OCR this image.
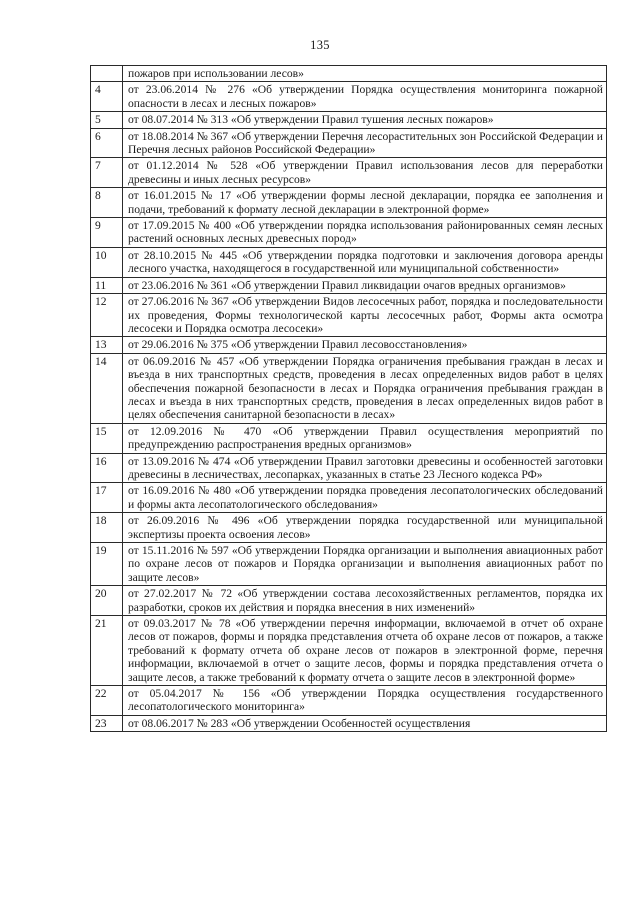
135
	пожаров при использовании лесов»
4	от 23.06.2014 № 276 «Об утверждении Порядка осуществления мониторинга пожарной опасности в лесах и лесных пожаров»
5	от 08.07.2014 № 313 «Об утверждении Правил тушения лесных пожаров»
6	от 18.08.2014 № 367 «Об утверждении Перечня лесорастительных зон Российской Федерации и Перечня лесных районов Российской Федерации»
7	от 01.12.2014 № 528 «Об утверждении Правил использования лесов для переработки древесины и иных лесных ресурсов»
8	от 16.01.2015 № 17 «Об утверждении формы лесной декларации, порядка ее заполнения и подачи, требований к формату лесной декларации в электронной форме»
9	от 17.09.2015 № 400 «Об утверждении порядка использования районированных семян лесных растений основных лесных древесных пород»
10	от 28.10.2015 № 445 «Об утверждении порядка подготовки и заключения договора аренды лесного участка, находящегося в государственной или муниципальной собственности»
11	от 23.06.2016 № 361 «Об утверждении Правил ликвидации очагов вредных организмов»
12	от 27.06.2016 № 367 «Об утверждении Видов лесосечных работ, порядка и последовательности их проведения, Формы технологической карты лесосечных работ, Формы акта осмотра лесосеки и Порядка осмотра лесосеки»
13	от 29.06.2016 № 375 «Об утверждении Правил лесовосстановления»
14	от 06.09.2016 № 457 «Об утверждении Порядка ограничения пребывания граждан в лесах и въезда в них транспортных средств, проведения в лесах определенных видов работ в целях обеспечения пожарной безопасности в лесах и Порядка ограничения пребывания граждан в лесах и въезда в них транспортных средств, проведения в лесах определенных видов работ в целях обеспечения санитарной безопасности в лесах»
15	от 12.09.2016 № 470 «Об утверждении Правил осуществления мероприятий по предупреждению распространения вредных организмов»
16	от 13.09.2016 № 474 «Об утверждении Правил заготовки древесины и особенностей заготовки древесины в лесничествах, лесопарках, указанных в статье 23 Лесного кодекса РФ»
17	от 16.09.2016 № 480 «Об утверждении порядка проведения лесопатологических обследований и формы акта лесопатологического обследования»
18	от 26.09.2016 № 496 «Об утверждении порядка государственной или муниципальной экспертизы проекта освоения лесов»
19	от 15.11.2016 № 597 «Об утверждении Порядка организации и выполнения авиационных работ по охране лесов от пожаров и Порядка организации и выполнения авиационных работ по защите лесов»
20	от 27.02.2017 № 72 «Об утверждении состава лесохозяйственных регламентов, порядка их разработки, сроков их действия и порядка внесения в них изменений»
21	от 09.03.2017 № 78 «Об утверждении перечня информации, включаемой в отчет об охране лесов от пожаров, формы и порядка представления отчета об охране лесов от пожаров, а также требований к формату отчета об охране лесов от пожаров в электронной форме, перечня информации, включаемой в отчет о защите лесов, формы и порядка представления отчета о защите лесов, а также требований к формату отчета о защите лесов в электронной форме»
22	от 05.04.2017 № 156 «Об утверждении Порядка осуществления государственного лесопатологического мониторинга»
23	от 08.06.2017 № 283 «Об утверждении Особенностей осуществления
